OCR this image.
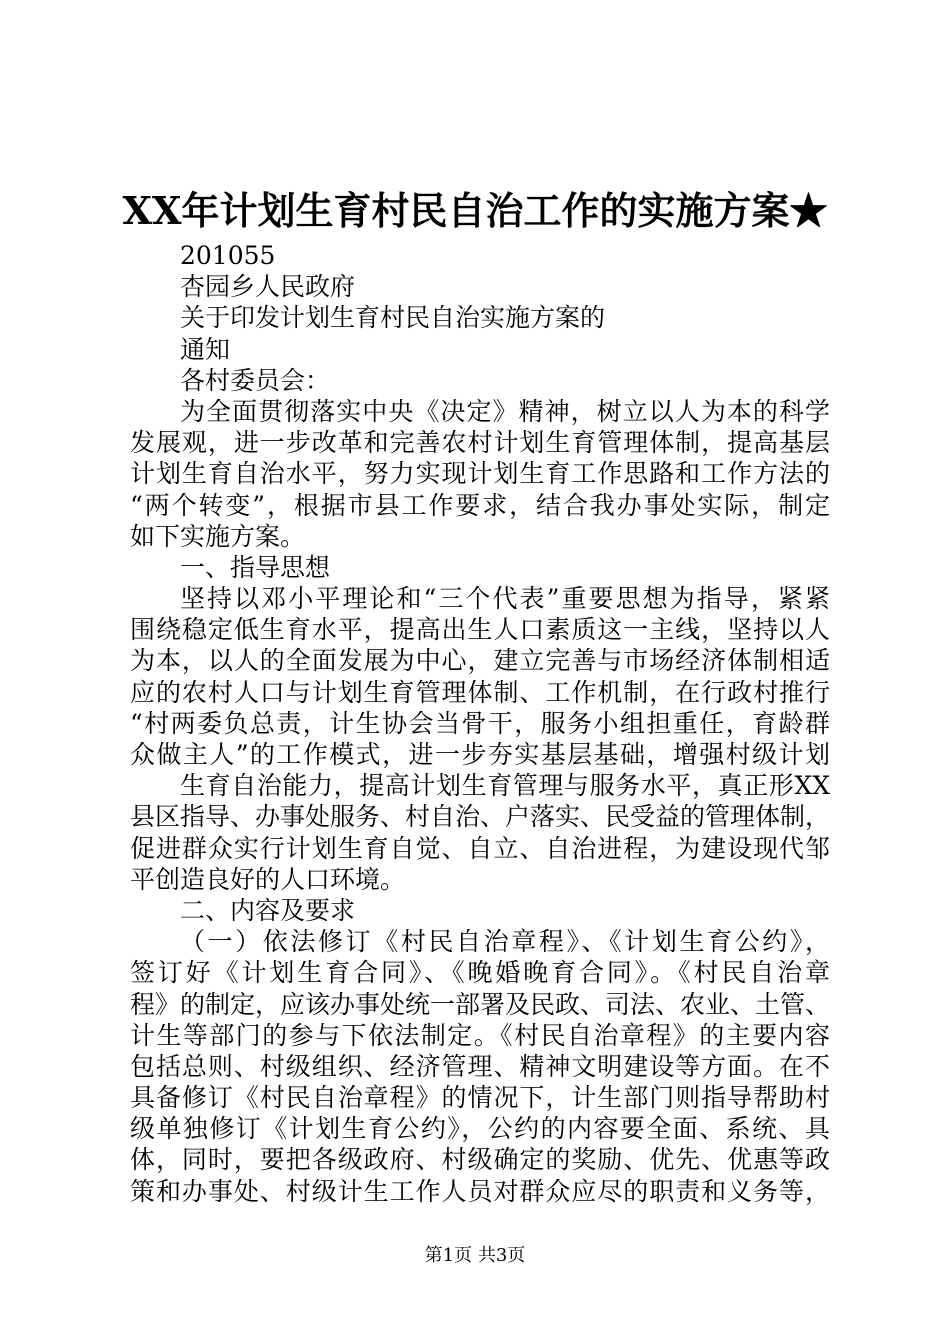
XX年计划生育村民自治工作的实施方案★
201055
杏园乡人民政府
关于印发计划生育村民自治实施方案的
通知
各村委员会：
为全面贯彻落实中央《决定》精神，树立以人为本的科学
发展观，进一步改革和完善农村计划生育管理体制，提高基层
计划生育自治水平，努力实现计划生育工作思路和工作方法的
“两个转变”，根据市县工作要求，结合我办事处实际，制定
如下实施方案。
一、指导思想
坚持以邓小平理论和“三个代表”重要思想为指导，紧紧
围绕稳定低生育水平，提高出生人口素质这一主线，坚持以人
为本，以人的全面发展为中心，建立完善与市场经济体制相适
应的农村人口与计划生育管理体制、工作机制，在行政村推行
“村两委负总责，计生协会当骨干，服务小组担重任，育龄群
众做主人”的工作模式，进一步夯实基层基础，增强村级计划
生育自治能力，提高计划生育管理与服务水平，真正形XX
县区指导、办事处服务、村自治、户落实、民受益的管理体制，
促进群众实行计划生育自觉、自立、自治进程，为建设现代邹
平创造良好的人口环境。
二、内容及要求
（一）依法修订《村民自治章程》、《计划生育公约》，
签订好《计划生育合同》、《晚婚晚育合同》。《村民自治章
程》的制定，应该办事处统一部署及民政、司法、农业、土管、
计生等部门的参与下依法制定。《村民自治章程》的主要内容
包括总则、村级组织、经济管理、精神文明建设等方面。在不
具备修订《村民自治章程》的情况下，计生部门则指导帮助村
级单独修订《计划生育公约》，公约的内容要全面、系统、具
体，同时，要把各级政府、村级确定的奖励、优先、优惠等政
策和办事处、村级计生工作人员对群众应尽的职责和义务等，
第1页 共3页
